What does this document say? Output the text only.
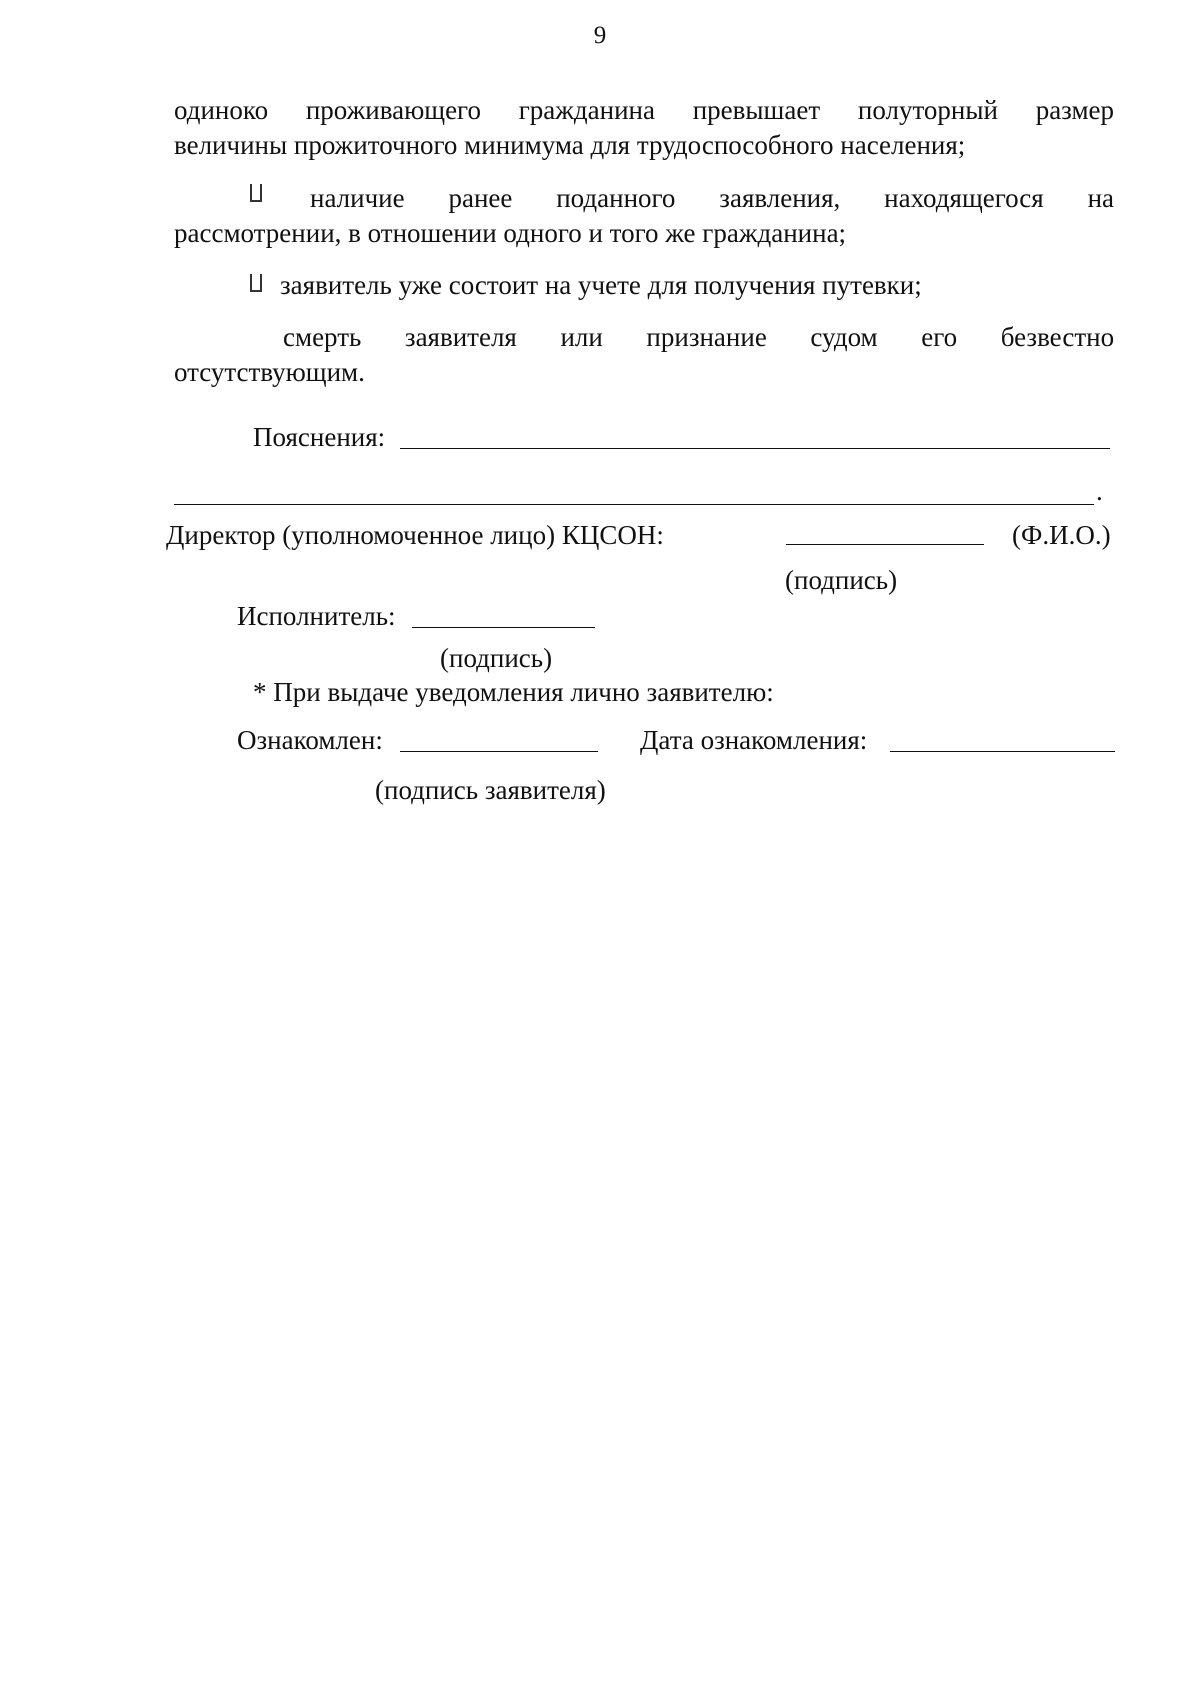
9
одиноко проживающего гражданина превышает полуторный размер
величины прожиточного минимума для трудоспособного населения;
наличие ранее поданного заявления, находящегося на
рассмотрении, в отношении одного и того же гражданина;
заявитель уже состоит на учете для получения путевки;
смерть заявителя или признание судом его безвестно
отсутствующим.
Пояснения:
.
Директор (уполномоченное лицо) КЦСОН:	(Ф.И.О.)
(подпись)
Исполнитель:
(подпись)
* При выдаче уведомления лично заявителю:
Ознакомлен:	Дата ознакомления:
(подпись заявителя)
